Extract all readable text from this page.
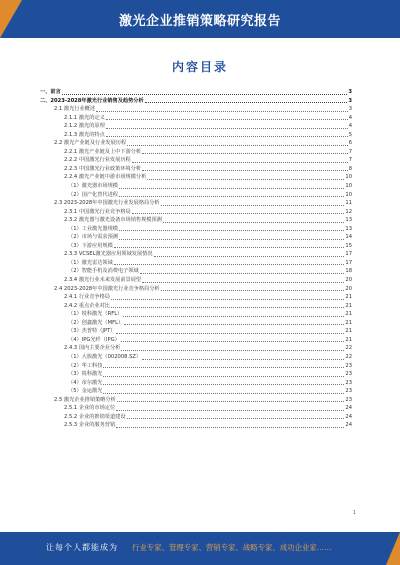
激光企业推销策略研究报告
内容目录
一、前言	3
二、2023-2028年激光行业销售及趋势分析	3
2.1 激光行业概述	3
2.1.1 激光的定义	4
2.1.2 激光的原理	4
2.1.3 激光的特点	5
2.2 激光产业链及行业发展历程	6
2.2.1 激光产业链及上中下游分析	7
2.2.2 中国激光行业发展历程	7
2.2.3 中国激光行业政策环境分析	8
2.2.4 激光产业链中游市场规模分析	10
（1）激光器市场规模	10
（2）国产化替代进程	10
2.3 2023-2028年中国激光行业发展格局分析	11
2.3.1 中国激光行业竞争格局	12
2.3.2 激光器与激光设备市场销售规模预测	13
（1）工业激光器规模	13
（2）市场与需求预测	14
（3）下游应用规模	15
2.3.3 VCSEL激光器应用领域发展情况	17
（1）激光雷达领域	17
（2）智能手机及消费电子领域	18
2.3.4 激光行业未来发展前景展望	20
2.4 2023-2028年中国激光行业竞争格局分析	20
2.4.1 行业竞争格局	21
2.4.2 重点企业对比	21
（1）锐科激光（RFL）	21
（2）创鑫激光（MFL）	21
（3）杰普特（JPT）	21
（4）IPG光纤（IPG）	21
2.4.3 国内主要企业分析	22
（1）大族激光（002008.SZ）	22
（2）华工科技	23
（3）锐科激光	23
（4）帝尔激光	23
（5）金运激光	23
2.5 激光企业推销策略分析	23
2.5.1 企业的市场定位	24
2.5.2 企业的推销渠道建设	24
2.5.3 企业的服务营销	24
1
让每个人都能成为 行业专家、管理专家、营销专家、战略专家、成功企业家……
